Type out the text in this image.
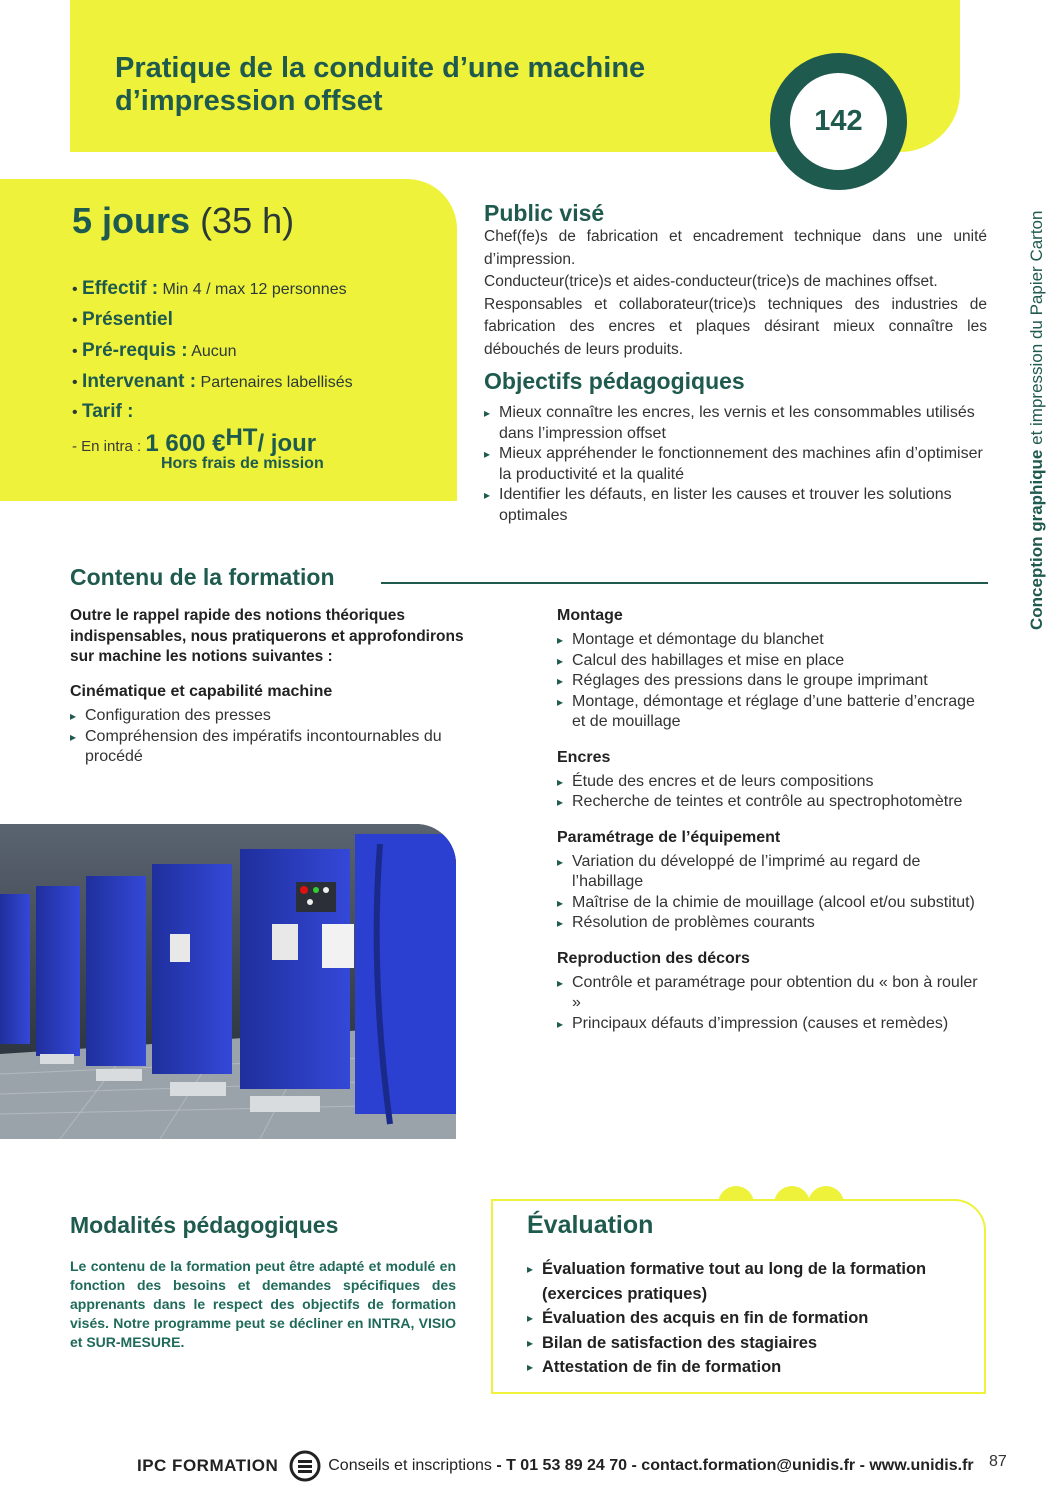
Pratique de la conduite d’une machine
d’impression offset
142
5 jours (35 h)
• Effectif : Min 4 / max 12 personnes
• Présentiel
• Pré-requis : Aucun
• Intervenant : Partenaires labellisés
• Tarif :
- En intra : 1 600 €$^{HT}$/ jour
Hors frais de mission
Public visé

Chef(fe)s de fabrication et encadrement technique dans une unité d’impression.

Conducteur(trice)s et aides-conducteur(trice)s de machines offset.

Responsables et collaborateur(trice)s techniques des industries de fabrication des encres et plaques désirant mieux connaître les débouchés de leurs produits.

Objectifs pédagogiques
▸ Mieux connaître les encres, les vernis et les consommables utilisés dans l’impression offset
▸ Mieux appréhender le fonctionnement des machines afin d’optimiser la productivité et la qualité
▸ Identifier les défauts, en lister les causes et trouver les solutions optimales
Contenu de la formation
Outre le rappel rapide des notions théoriques indispensables, nous pratiquerons et approfondirons sur machine les notions suivantes :
Cinématique et capabilité machine
▸ Configuration des presses
▸ Compréhension des impératifs incontournables du procédé
Montage
▸ Montage et démontage du blanchet
▸ Calcul des habillages et mise en place
▸ Réglages des pressions dans le groupe imprimant
▸ Montage, démontage et réglage d’une batterie d’encrage et de mouillage
Encres
▸ Étude des encres et de leurs compositions
▸ Recherche de teintes et contrôle au spectrophotomètre
Paramétrage de l’équipement
▸ Variation du développé de l’imprimé au regard de l’habillage
▸ Maîtrise de la chimie de mouillage (alcool et/ou substitut)
▸ Résolution de problèmes courants
Reproduction des décors
▸ Contrôle et paramétrage pour obtention du « bon à rouler »
▸ Principaux défauts d’impression (causes et remèdes)
Modalités pédagogiques
Le contenu de la formation peut être adapté et modulé en fonction des besoins et demandes spécifiques des apprenants dans le respect des objectifs de formation visés. Notre programme peut se décliner en INTRA, VISIO et SUR-MESURE.
Évaluation
▸ Évaluation formative tout au long de la formation (exercices pratiques)
▸ Évaluation des acquis en fin de formation
▸ Bilan de satisfaction des stagiaires
▸ Attestation de fin de formation
Conception graphique et impression du Papier Carton
IPC FORMATION	Conseils et inscriptions
- T 01 53 89 24 70 - contact.formation@unidis.fr - www.unidis.fr 87
